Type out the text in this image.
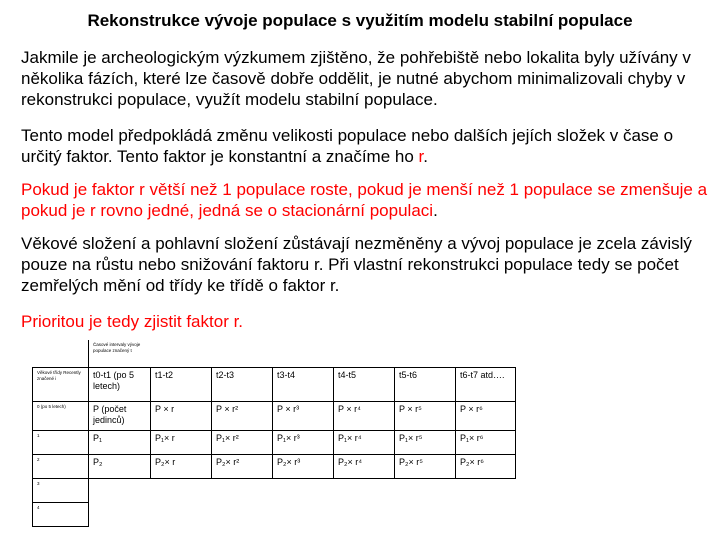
Rekonstrukce vývoje populace s využitím modelu stabilní populace
Jakmile je archeologickým výzkumem zjištěno, že pohřebiště nebo lokalita byly užívány v několika fázích, které lze časově dobře oddělit, je nutné abychom minimalizovali chyby v rekonstrukci populace, využít modelu stabilní populace.
Tento model předpokládá změnu velikosti populace nebo dalších jejích složek v čase o určitý faktor. Tento faktor je konstantní a značíme ho r.
Pokud je faktor r větší než 1 populace roste, pokud je menší než 1 populace se zmenšuje a pokud je r rovno jedné, jedná se o stacionární populaci.
Věkové složení a pohlavní složení zůstávají nezměněny a vývoj populace je zcela závislý pouze na růstu nebo snižování faktoru r. Při vlastní rekonstrukci populace tedy se počet zemřelých mění od třídy ke třídě o faktor r.
Prioritou je tedy zjistit faktor r.

	Časové intervaly vývoje populace značený t						

Věkové třídy Recently značené i	t0-t1 (po 5 letech)	t1-t2	t2-t3	t3-t4	t4-t5	t5-t6	t6-t7 atd….
0 (po 5 letech)	P (počet jedinců)	P × r	P × r²	P × r³	P × r⁴	P × r⁵	P × r⁶
1	P₁	P₁× r	P₁× r²	P₁× r³	P₁× r⁴	P₁× r⁵	P₁× r⁶
2	P₂	P₂× r	P₂× r²	P₂× r³	P₂× r⁴	P₂× r⁵	P₂× r⁶
3							
4							
